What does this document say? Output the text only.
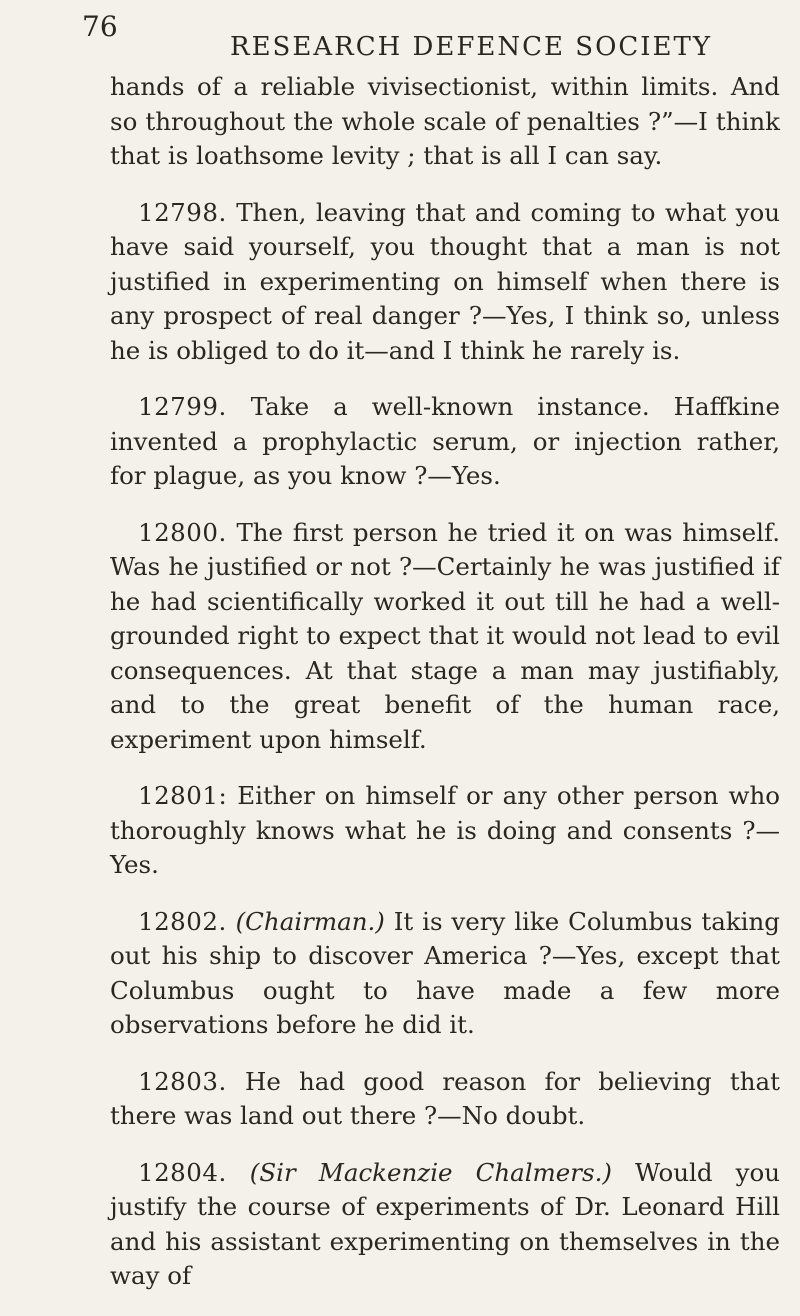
76
RESEARCH DEFENCE SOCIETY

hands of a reliable vivisectionist, within limits. And so throughout the whole scale of penalties ?”—I think that is loathsome levity ; that is all I can say.

12798. Then, leaving that and coming to what you have said yourself, you thought that a man is not justified in experimenting on himself when there is any prospect of real danger ?—Yes, I think so, unless he is obliged to do it—and I think he rarely is.

12799. Take a well-known instance. Haffkine invented a prophylactic serum, or injection rather, for plague, as you know ?—Yes.

12800. The first person he tried it on was himself. Was he justified or not ?—Certainly he was justified if he had scientifically worked it out till he had a well-grounded right to expect that it would not lead to evil consequences. At that stage a man may justifiably, and to the great benefit of the human race, experiment upon himself.

12801: Either on himself or any other person who thoroughly knows what he is doing and consents ?—Yes.

12802. (Chairman.) It is very like Columbus taking out his ship to discover America ?—Yes, except that Columbus ought to have made a few more observations before he did it.

12803. He had good reason for believing that there was land out there ?—No doubt.

12804. (Sir Mackenzie Chalmers.) Would you justify the course of experiments of Dr. Leonard Hill and his assistant experimenting on themselves in the way of
